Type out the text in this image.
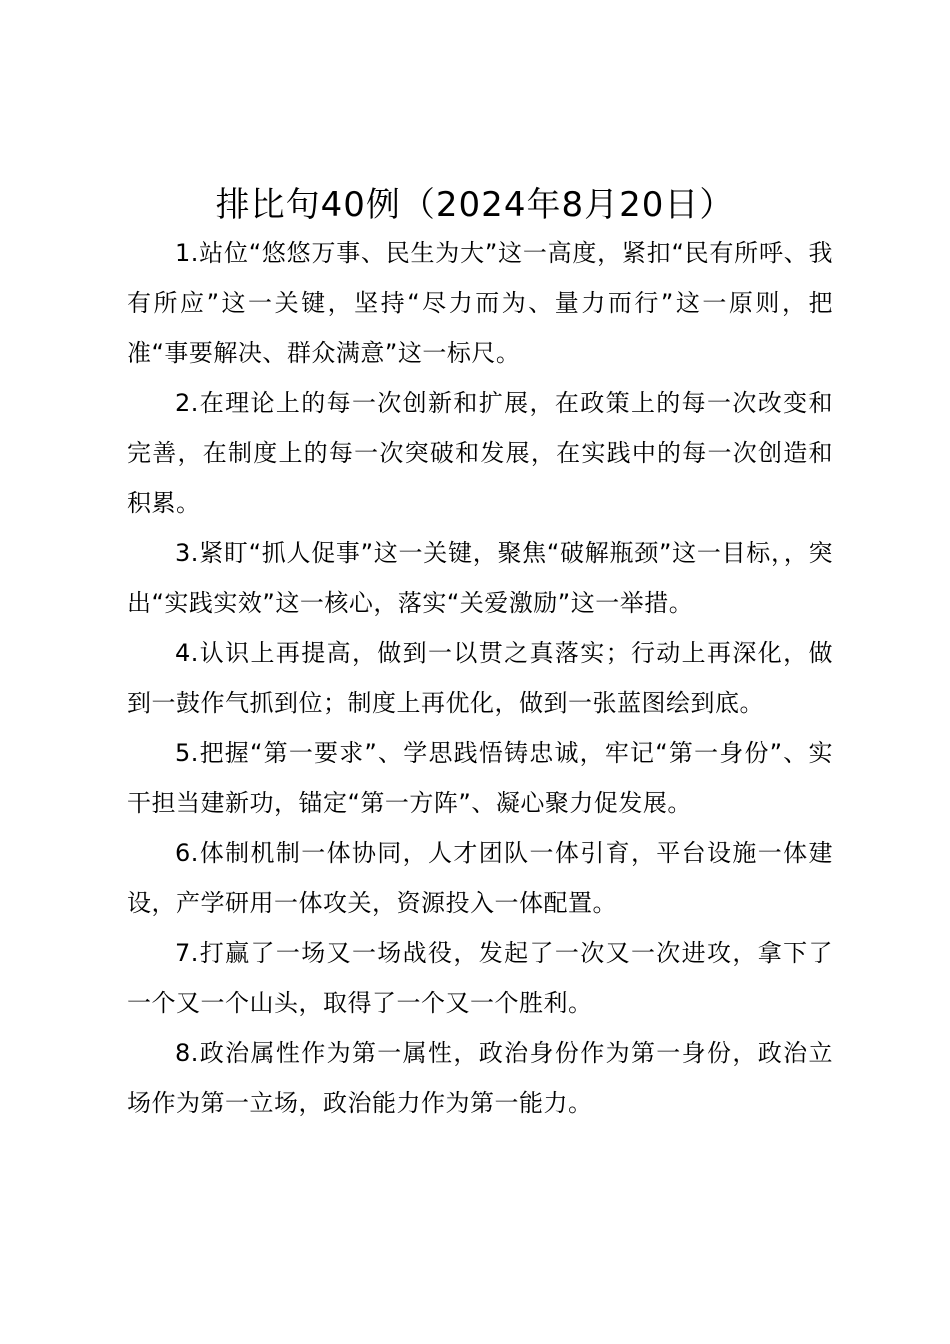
排比句40例（2024年8月20日）

1.站位“悠悠万事、民生为大”这一高度，紧扣“民有所呼、我有所应”这一关键，坚持“尽力而为、量力而行”这一原则，把准“事要解决、群众满意”这一标尺。

2.在理论上的每一次创新和扩展，在政策上的每一次改变和完善，在制度上的每一次突破和发展，在实践中的每一次创造和积累。

3.紧盯“抓人促事”这一关键，聚焦“破解瓶颈”这一目标，，突出“实践实效”这一核心，落实“关爱激励”这一举措。

4.认识上再提高，做到一以贯之真落实；行动上再深化，做到一鼓作气抓到位；制度上再优化，做到一张蓝图绘到底。

5.把握“第一要求”、学思践悟铸忠诚，牢记“第一身份”、实干担当建新功，锚定“第一方阵”、凝心聚力促发展。

6.体制机制一体协同，人才团队一体引育，平台设施一体建设，产学研用一体攻关，资源投入一体配置。

7.打赢了一场又一场战役，发起了一次又一次进攻，拿下了一个又一个山头，取得了一个又一个胜利。

8.政治属性作为第一属性，政治身份作为第一身份，政治立场作为第一立场，政治能力作为第一能力。
